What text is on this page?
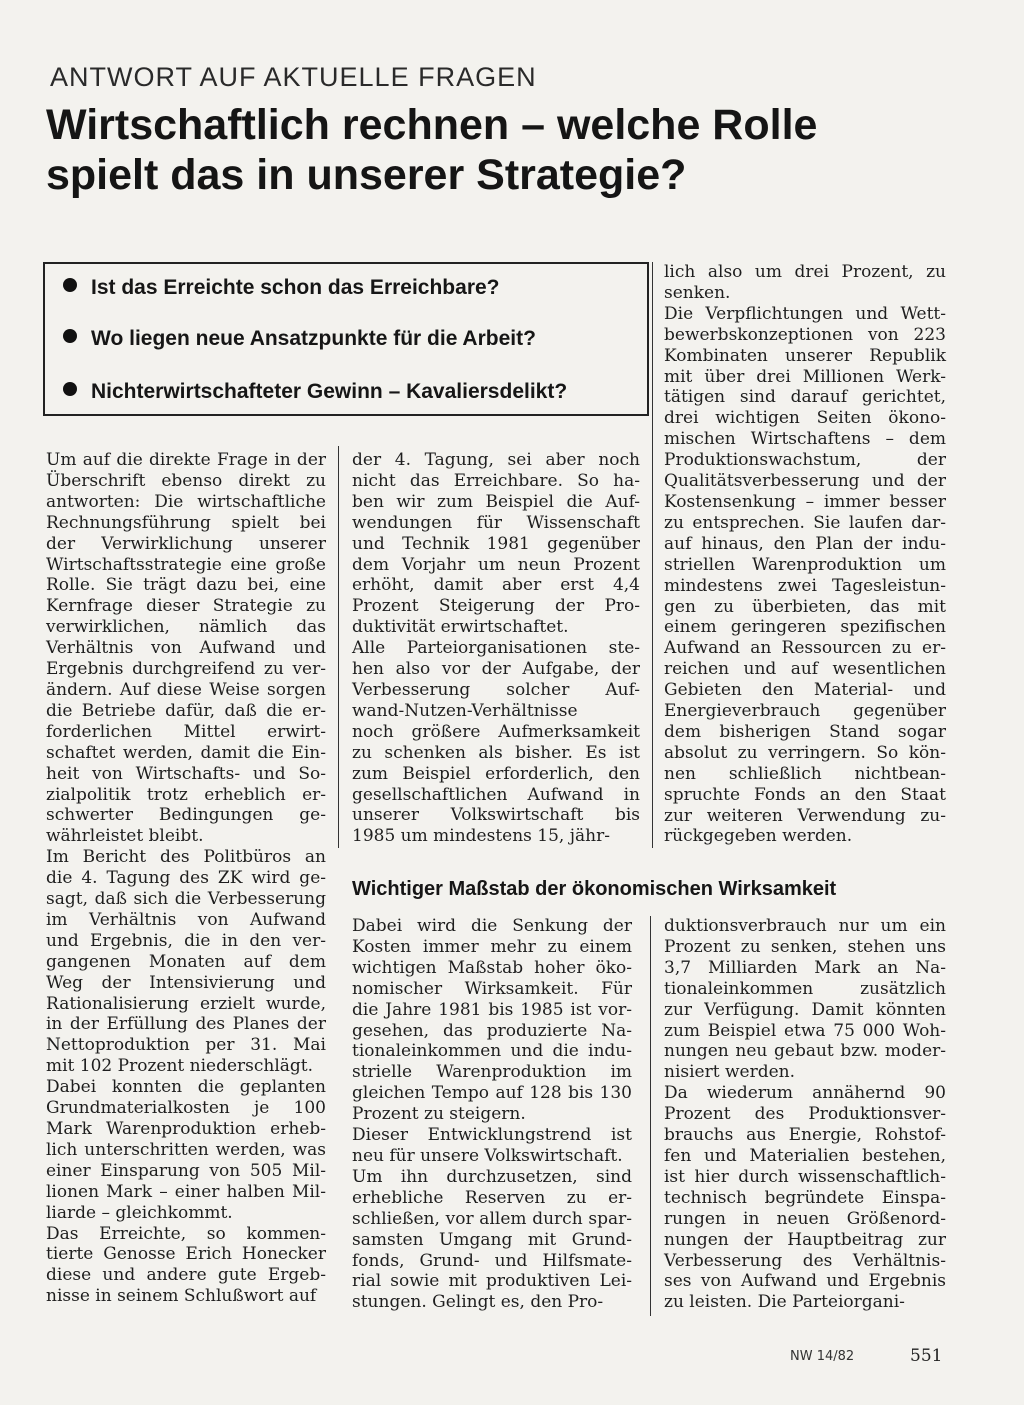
ANTWORT AUF AKTUELLE FRAGEN
Wirtschaftlich rechnen – welche Rolle
spielt das in unserer Strategie?
Ist das Erreichte schon das Erreichbare?
Wo liegen neue Ansatzpunkte für die Arbeit?
Nichterwirtschafteter Gewinn – Kavaliersdelikt?
Um auf die direkte Frage in der
Überschrift ebenso direkt zu
antworten: Die wirtschaftliche
Rechnungsführung spielt bei
der Verwirklichung unserer
Wirtschaftsstrategie eine große
Rolle. Sie trägt dazu bei, eine
Kernfrage dieser Strategie zu
verwirklichen, nämlich das
Verhältnis von Aufwand und
Ergebnis durchgreifend zu ver-
ändern. Auf diese Weise sorgen
die Betriebe dafür, daß die er-
forderlichen Mittel erwirt-
schaftet werden, damit die Ein-
heit von Wirtschafts- und So-
zialpolitik trotz erheblich er-
schwerter Bedingungen ge-
währleistet bleibt.
Im Bericht des Politbüros an
die 4. Tagung des ZK wird ge-
sagt, daß sich die Verbesserung
im Verhältnis von Aufwand
und Ergebnis, die in den ver-
gangenen Monaten auf dem
Weg der Intensivierung und
Rationalisierung erzielt wurde,
in der Erfüllung des Planes der
Nettoproduktion per 31. Mai
mit 102 Prozent niederschlägt.
Dabei konnten die geplanten
Grundmaterialkosten je 100
Mark Warenproduktion erheb-
lich unterschritten werden, was
einer Einsparung von 505 Mil-
lionen Mark – einer halben Mil-
liarde – gleichkommt.
Das Erreichte, so kommen-
tierte Genosse Erich Honecker
diese und andere gute Ergeb-
nisse in seinem Schlußwort auf
der 4. Tagung, sei aber noch
nicht das Erreichbare. So ha-
ben wir zum Beispiel die Auf-
wendungen für Wissenschaft
und Technik 1981 gegenüber
dem Vorjahr um neun Prozent
erhöht, damit aber erst 4,4
Prozent Steigerung der Pro-
duktivität erwirtschaftet.
Alle Parteiorganisationen ste-
hen also vor der Aufgabe, der
Verbesserung solcher Auf-
wand-Nutzen-Verhältnisse
noch größere Aufmerksamkeit
zu schenken als bisher. Es ist
zum Beispiel erforderlich, den
gesellschaftlichen Aufwand in
unserer Volkswirtschaft bis
1985 um mindestens 15, jähr-
lich also um drei Prozent, zu
senken.
Die Verpflichtungen und Wett-
bewerbskonzeptionen von 223
Kombinaten unserer Republik
mit über drei Millionen Werk-
tätigen sind darauf gerichtet,
drei wichtigen Seiten ökono-
mischen Wirtschaftens – dem
Produktionswachstum, der
Qualitätsverbesserung und der
Kostensenkung – immer besser
zu entsprechen. Sie laufen dar-
auf hinaus, den Plan der indu-
striellen Warenproduktion um
mindestens zwei Tagesleistun-
gen zu überbieten, das mit
einem geringeren spezifischen
Aufwand an Ressourcen zu er-
reichen und auf wesentlichen
Gebieten den Material- und
Energieverbrauch gegenüber
dem bisherigen Stand sogar
absolut zu verringern. So kön-
nen schließlich nichtbean-
spruchte Fonds an den Staat
zur weiteren Verwendung zu-
rückgegeben werden.
Wichtiger Maßstab der ökonomischen Wirksamkeit
Dabei wird die Senkung der
Kosten immer mehr zu einem
wichtigen Maßstab hoher öko-
nomischer Wirksamkeit. Für
die Jahre 1981 bis 1985 ist vor-
gesehen, das produzierte Na-
tionaleinkommen und die indu-
strielle Warenproduktion im
gleichen Tempo auf 128 bis 130
Prozent zu steigern.
Dieser Entwicklungstrend ist
neu für unsere Volkswirtschaft.
Um ihn durchzusetzen, sind
erhebliche Reserven zu er-
schließen, vor allem durch spar-
samsten Umgang mit Grund-
fonds, Grund- und Hilfsmate-
rial sowie mit produktiven Lei-
stungen. Gelingt es, den Pro-
duktionsverbrauch nur um ein
Prozent zu senken, stehen uns
3,7 Milliarden Mark an Na-
tionaleinkommen zusätzlich
zur Verfügung. Damit könnten
zum Beispiel etwa 75 000 Woh-
nungen neu gebaut bzw. moder-
nisiert werden.
Da wiederum annähernd 90
Prozent des Produktionsver-
brauchs aus Energie, Rohstof-
fen und Materialien bestehen,
ist hier durch wissenschaftlich-
technisch begründete Einspa-
rungen in neuen Größenord-
nungen der Hauptbeitrag zur
Verbesserung des Verhältnis-
ses von Aufwand und Ergebnis
zu leisten. Die Parteiorgani-
NW 14/82	551
